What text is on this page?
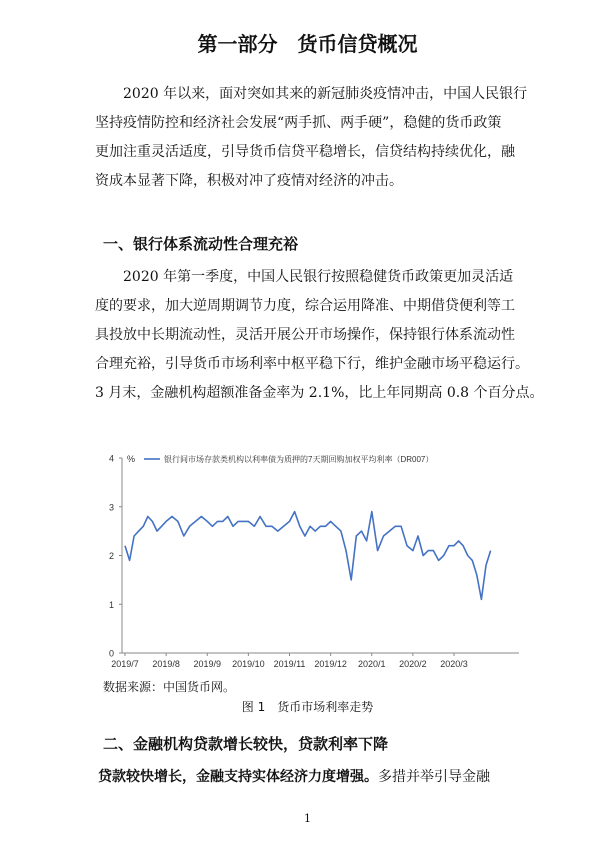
第一部分　货币信贷概况

2020 年以来，面对突如其来的新冠肺炎疫情冲击，中国人民银行
坚持疫情防控和经济社会发展“两手抓、两手硬”，稳健的货币政策
更加注重灵活适度，引导货币信贷平稳增长，信贷结构持续优化，融
资成本显著下降，积极对冲了疫情对经济的冲击。

一、银行体系流动性合理充裕

2020 年第一季度，中国人民银行按照稳健货币政策更加灵活适
度的要求，加大逆周期调节力度，综合运用降准、中期借贷便利等工
具投放中长期流动性，灵活开展公开市场操作，保持银行体系流动性
合理充裕，引导货币市场利率中枢平稳下行，维护金融市场平稳运行。
3 月末，金融机构超额准备金率为 2.1%，比上年同期高 0.8 个百分点。

0
1
2
3
4 %
2019/7 2019/8 2019/9 2019/10 2019/11 2019/12 2020/1 2020/2 2020/3
银行间市场存款类机构以利率债为质押的7天期回购加权平均利率（DR007）
数据来源：中国货币网。
图 1 货币市场利率走势
二、金融机构贷款增长较快，贷款利率下降
贷款较快增长，金融支持实体经济力度增强。多措并举引导金融
1
